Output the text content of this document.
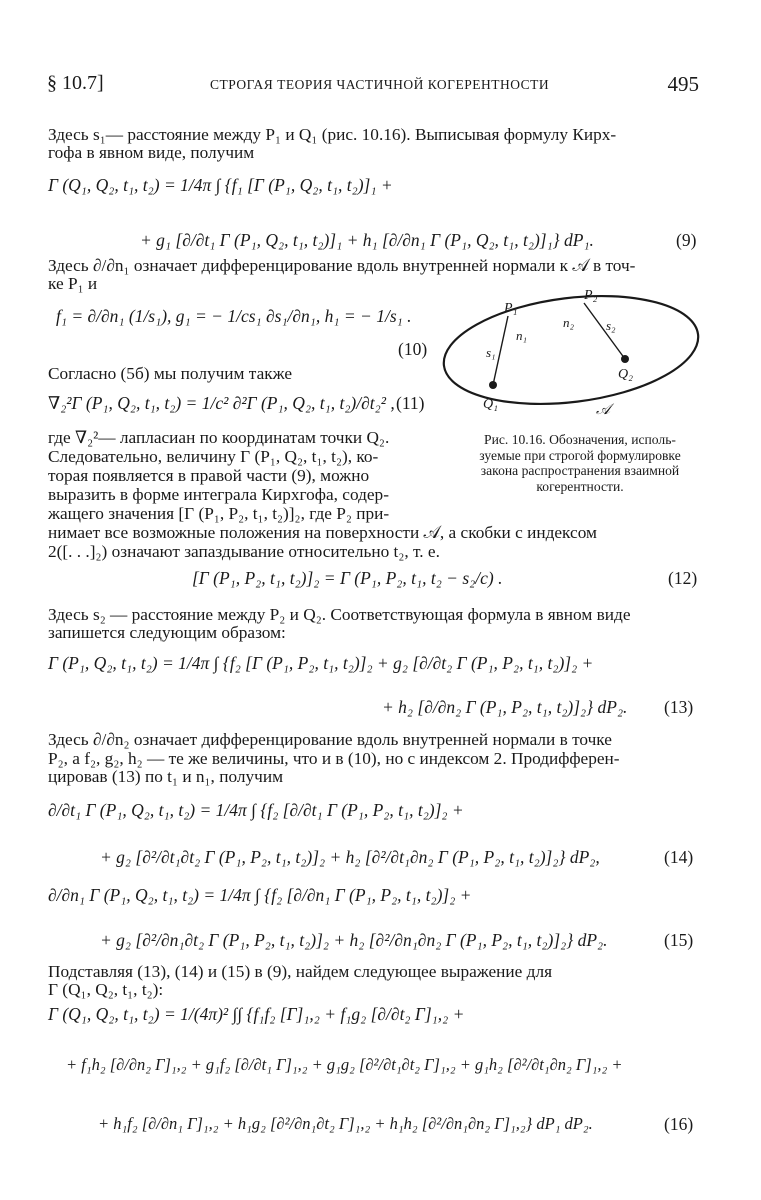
§ 10.7]	СТРОГАЯ ТЕОРИЯ ЧАСТИЧНОЙ КОГЕРЕНТНОСТИ	495
Здесь s₁— расстояние между P₁ и Q₁ (рис. 10.16). Выписывая формулу Кирх-
гофа в явном виде, получим
Γ (Q₁, Q₂, t₁, t₂) = 1/4π ∫ {f₁ [Γ (P₁, Q₂, t₁, t₂)]₁ +
+ g₁ [∂/∂t₁ Γ (P₁, Q₂, t₁, t₂)]₁ + h₁ [∂/∂n₁ Γ (P₁, Q₂, t₁, t₂)]₁} dP₁.	(9)
Здесь ∂/∂n₁ означает дифференцирование вдоль внутренней нормали к 𝒜 в точ-
ке P₁ и
f₁ = ∂/∂n₁ (1/s₁), g₁ = − 1/cs₁ ∂s₁/∂n₁, h₁ = − 1/s₁ .
(10)
Согласно (5б) мы получим также
∇₂²Γ (P₁, Q₂, t₁, t₂) = 1/c² ∂²Γ (P₁, Q₂, t₁, t₂)/∂t₂² , (11)
где ∇₂²— лапласиан по координатам точки Q₂.
Следовательно, величину Γ (P₁, Q₂, t₁, t₂), ко-
торая появляется в правой части (9), можно
выразить в форме интеграла Кирхгофа, содер-
жащего значения [Γ (P₁, P₂, t₁, t₂)]₂, где P₂ при-
нимает все возможные положения на поверхности 𝒜, а скобки с индексом
2([. . .]₂) означают запаздывание относительно t₂, т. е.
[Γ (P₁, P₂, t₁, t₂)]₂ = Γ (P₁, P₂, t₁, t₂ − s₂/c) .	(12)
Здесь s₂ — расстояние между P₂ и Q₂. Соответствующая формула в явном виде
запишется следующим образом:
Γ (P₁, Q₂, t₁, t₂) = 1/4π ∫ {f₂ [Γ (P₁, P₂, t₁, t₂)]₂ + g₂ [∂/∂t₂ Γ (P₁, P₂, t₁, t₂)]₂ +
+ h₂ [∂/∂n₂ Γ (P₁, P₂, t₁, t₂)]₂} dP₂. (13)
Здесь ∂/∂n₂ означает дифференцирование вдоль внутренней нормали в точке
P₂, а f₂, g₂, h₂ — те же величины, что и в (10), но с индексом 2. Продифферен-
цировав (13) по t₁ и n₁, получим
∂/∂t₁ Γ (P₁, Q₂, t₁, t₂) = 1/4π ∫ {f₂ [∂/∂t₁ Γ (P₁, P₂, t₁, t₂)]₂ +
+ g₂ [∂²/∂t₁∂t₂ Γ (P₁, P₂, t₁, t₂)]₂ + h₂ [∂²/∂t₁∂n₂ Γ (P₁, P₂, t₁, t₂)]₂} dP₂,	(14)
∂/∂n₁ Γ (P₁, Q₂, t₁, t₂) = 1/4π ∫ {f₂ [∂/∂n₁ Γ (P₁, P₂, t₁, t₂)]₂ +
+ g₂ [∂²/∂n₁∂t₂ Γ (P₁, P₂, t₁, t₂)]₂ + h₂ [∂²/∂n₁∂n₂ Γ (P₁, P₂, t₁, t₂)]₂} dP₂.	(15)
Подставляя (13), (14) и (15) в (9), найдем следующее выражение для
Γ (Q₁, Q₂, t₁, t₂):
Γ (Q₁, Q₂, t₁, t₂) = 1/(4π)² ∫∫ {f₁f₂ [Γ]₁,₂ + f₁g₂ [∂/∂t₂ Γ]₁,₂ +
+ f₁h₂ [∂/∂n₂ Γ]₁,₂ + g₁f₂ [∂/∂t₁ Γ]₁,₂ + g₁g₂ [∂²/∂t₁∂t₂ Γ]₁,₂ + g₁h₂ [∂²/∂t₁∂n₂ Γ]₁,₂ +
+ h₁f₂ [∂/∂n₁ Γ]₁,₂ + h₁g₂ [∂²/∂n₁∂t₂ Γ]₁,₂ + h₁h₂ [∂²/∂n₁∂n₂ Γ]₁,₂} dP₁ dP₂.	(16)
P₁
P₂
n₁
n₂
s₁
s₂
Q₁
Q₂
𝒜
Рис. 10.16. Обозначения, исполь-
зуемые при строгой формулировке
закона распространения взаимной
когерентности.
